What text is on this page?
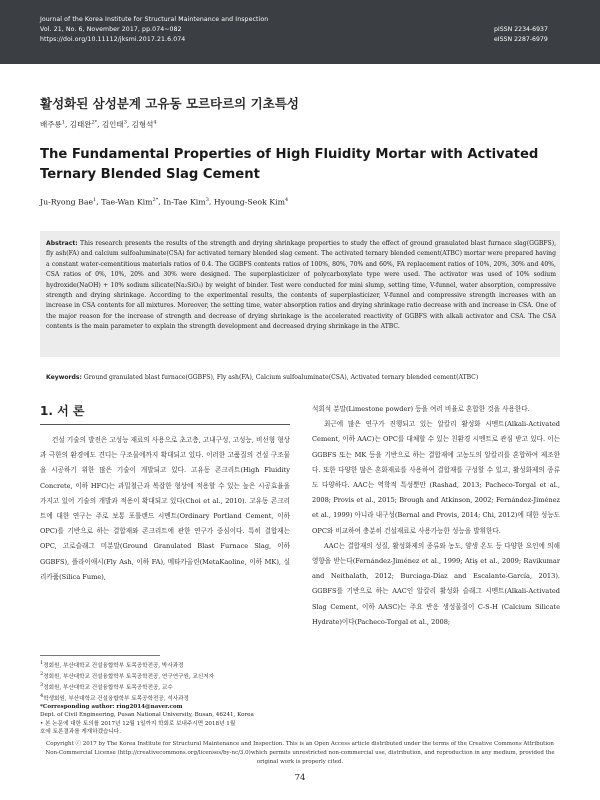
Journal of the Korea Institute for Structural Maintenance and Inspection
Vol. 21, No. 6, November 2017, pp.074~082
https://doi.org/10.11112/jksmi.2017.21.6.074
pISSN 2234-6937
eISSN 2287-6979
활성화된 삼성분계 고유동 모르타르의 기초특성
배주룡$^1$, 김태완$^{2*}$, 김인태$^3$, 김형석$^4$
The Fundamental Properties of High Fluidity Mortar with Activated Ternary Blended Slag Cement
Ju-Ryong Bae$^1$, Tae-Wan Kim$^{2*}$, In-Tae Kim$^3$, Hyoung-Seok Kim$^4$
Abstract: This research presents the results of the strength and drying shrinkage properties to study the effect of ground granulated blast furnace slag(GGBFS), fly ash(FA) and calcium sulfoaluminate(CSA) for activated ternary blended slag cement. The activated ternary blended cement(ATBC) mortar were prepared having a constant water-cementitious materials ratios of 0.4. The GGBFS contents ratios of 100%, 80%, 70% and 60%, FA replacement ratios of 10%, 20%, 30% and 40%, CSA ratios of 0%, 10%, 20% and 30% were designed. The superplasticizer of polycarboxylate type were used. The activator was used of 10% sodium hydroxide(NaOH) + 10% sodium silicate(Na₂SiO₃) by weight of binder. Test were conducted for mini slump, setting time, V-funnel, water absorption, compressive strength and drying shrinkage. According to the experimental results, the contents of superplasticizer, V-funnel and compressive strength increases with an increase in CSA contents for all mixtures. Moreover, the setting time, water absorption ratios and drying shrinkage ratio decrease with and increase in CSA. One of the major reason for the increase of strength and decrease of drying shrinkage is the accelerated reactivity of GGBFS with alkali activator and CSA. The CSA contents is the main parameter to explain the strength development and decreased drying shrinkage in the ATBC.
Keywords: Ground granulated blast furnace(GGBFS), Fly ash(FA), Calcium sulfoaluminate(CSA), Activated ternary blended cement(ATBC)
1. 서 론

건설 기술의 발전은 고성능 재료의 사용으로 초고층, 고내구성, 고성능, 비선형 형상과 극한의 환경에도 견디는 구조물에까지 확대되고 있다. 이러한 고품질의 건설 구조물을 시공하기 위한 많은 기술이 개발되고 있다. 고유동 콘크리트(High Fluidity Concrete, 이하 HFC)는 과밀철근과 복잡한 형상에 적용할 수 있는 높은 시공효율을 가지고 있어 기술의 개발과 적용이 확대되고 있다(Choi et al., 2010). 고유동 콘크리트에 대한 연구는 주로 보통 포틀랜드 시멘트(Ordinary Portland Cement, 이하 OPC)를 기반으로 하는 결합재와 콘크리트에 관한 연구가 중심이다. 특히 결합재는 OPC, 고로슬래그 미분말(Ground Granulated Blast Furnace Slag, 이하 GGBFS), 플라이애시(Fly Ash, 이하 FA), 메타카올린(MetaKaoline, 이하 MK), 실리카퓸(Silica Fume),

$^1$정회원, 부산대학교 건설융합학부 토목공학전공, 박사과정
$^2$정회원, 부산대학교 건설융합학부 토목공학전공, 연구연구원, 교신저자
$^3$정회원, 부산대학교 건설융합학부 토목공학전공, 교수
$^4$학생회원, 부산대학교 건설융합학부 토목공학전공, 석사과정
*Corresponding author: ring2014@naver.com
Dept. of Civil Engineering, Pusan National University, Busan, 46241, Korea
• 본 논문에 대한 토의를 2017년 12월 1일까지 학회로 보내주시면 2018년 1월
호에 토론결과를 게재하겠습니다.

석회석 분말(Limestone powder) 등을 여러 비율로 혼합한 것을 사용한다.

최근에 많은 연구가 진행되고 있는 알칼리 활성화 시멘트(Alkali-Activated Cement, 이하 AAC)는 OPC를 대체할 수 있는 친환경 시멘트로 관심 받고 있다. 이는 GGBFS 또는 MK 등을 기반으로 하는 결합재에 고농도의 알칼리를 혼합하여 제조한다. 또한 다양한 많은 혼화재료를 사용하여 결합재를 구성할 수 있고, 활성화제의 종류도 다양하다. AAC는 역학적 특성뿐만 (Rashad, 2013; Pacheco-Torgal et al., 2008; Provis et al., 2015; Brough and Atkinson, 2002; Fernández-Jiménez et al., 1999) 아니라 내구성(Bernal and Provis, 2014; Chi, 2012)에 대한 성능도 OPC와 비교하여 충분히 건설재료로 사용가능한 성능을 발휘한다.

AAC는 결합재의 성질, 활성화제의 종류와 농도, 양생 온도 등 다양한 요인에 의해 영향을 받는다(Fernández-Jiménez et al., 1999; Atiş et al., 2009; Ravikumar and Neithalath, 2012; Burciaga-Díaz and Escalante-García, 2013). GGBFS를 기반으로 하는 AAC인 알칼리 활성화 슬래그 시멘트(Alkali-Activated Slag Cement, 이하 AASC)는 주요 반응 생성물질이 C-S-H (Calcium Silicate Hydrate)이다(Pacheco-Torgal et al., 2008;

Copyright ⓒ 2017 by The Korea Institute for Structural Maintenance and Inspection. This is an Open Access article distributed under the terms of the Creative Commons Attribution Non-Commercial License (http://creativecommons.org/licenses/by-nc/3.0)which permits unrestricted non-commercial use, distribution, and reproduction in any medium, provided the original work is properly cited.
74
